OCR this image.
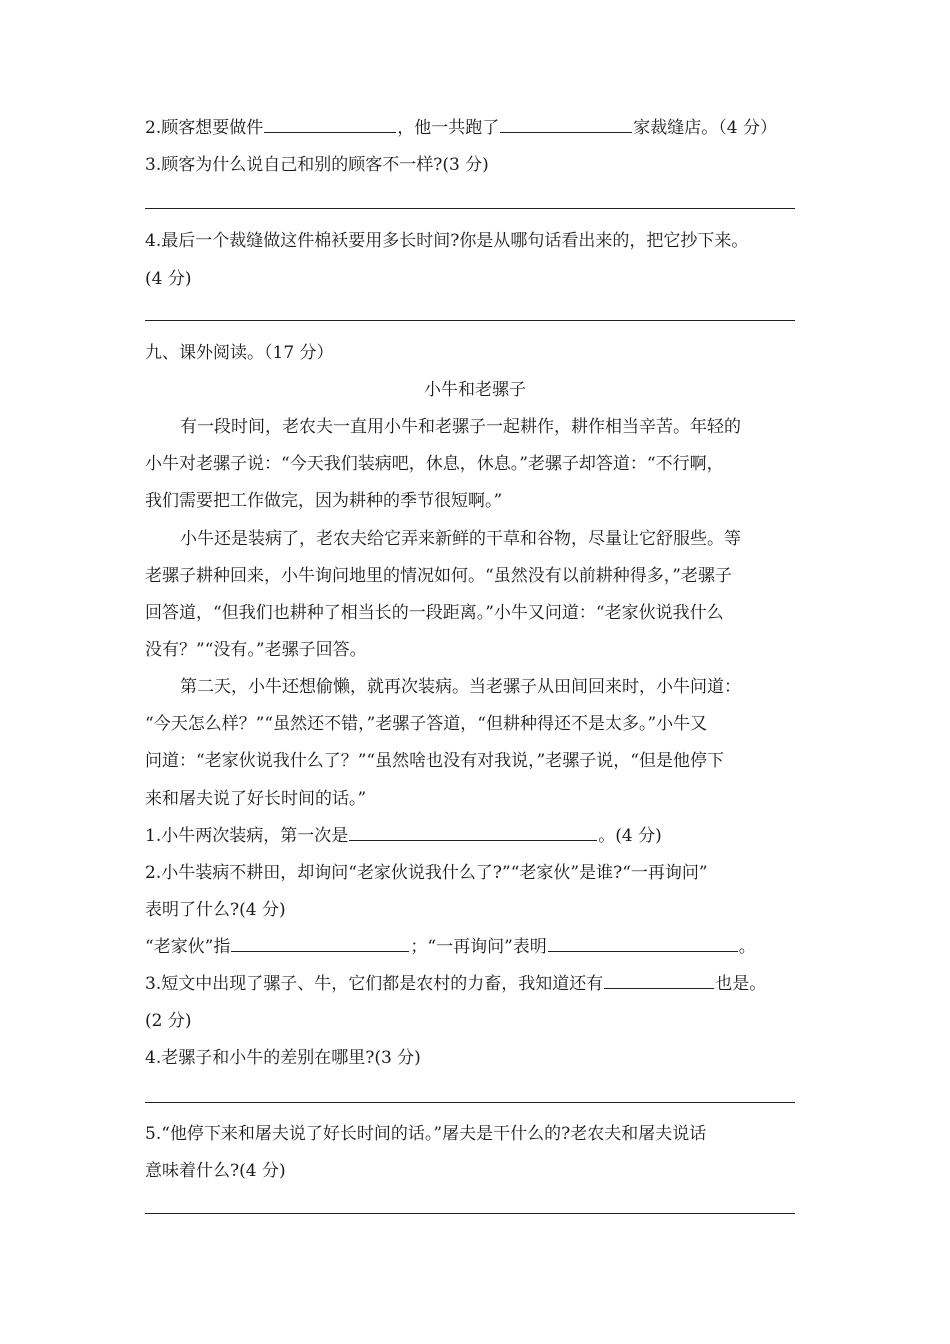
2.顾客想要做件	，他一共跑了	家裁缝店。（4 分）
3.顾客为什么说自己和别的顾客不一样?(3 分)
4.最后一个裁缝做这件棉袄要用多长时间?你是从哪句话看出来的，把它抄下来。
(4 分)
九、课外阅读。（17 分）
小牛和老骡子
有一段时间，老农夫一直用小牛和老骡子一起耕作，耕作相当辛苦。年轻的
小牛对老骡子说：“今天我们装病吧，休息，休息。”老骡子却答道：“不行啊，
我们需要把工作做完，因为耕种的季节很短啊。”
小牛还是装病了，老农夫给它弄来新鲜的干草和谷物，尽量让它舒服些。等
老骡子耕种回来，小牛询问地里的情况如何。“虽然没有以前耕种得多，”老骡子
回答道，“但我们也耕种了相当长的一段距离。”小牛又问道：“老家伙说我什么
没有？”“没有。”老骡子回答。
第二天，小牛还想偷懒，就再次装病。当老骡子从田间回来时，小牛问道：
“今天怎么样？”“虽然还不错，”老骡子答道，“但耕种得还不是太多。”小牛又
问道：“老家伙说我什么了？”“虽然啥也没有对我说，”老骡子说，“但是他停下
来和屠夫说了好长时间的话。”
1.小牛两次装病，第一次是	。(4 分)
2.小牛装病不耕田，却询问“老家伙说我什么了?”“老家伙”是谁?“一再询问”
表明了什么?(4 分)
“老家伙”指	；“一再询问”表明	。
3.短文中出现了骡子、牛，它们都是农村的力畜，我知道还有	也是。
(2 分)
4.老骡子和小牛的差别在哪里?(3 分)
5.“他停下来和屠夫说了好长时间的话。”屠夫是干什么的?老农夫和屠夫说话
意味着什么?(4 分)
